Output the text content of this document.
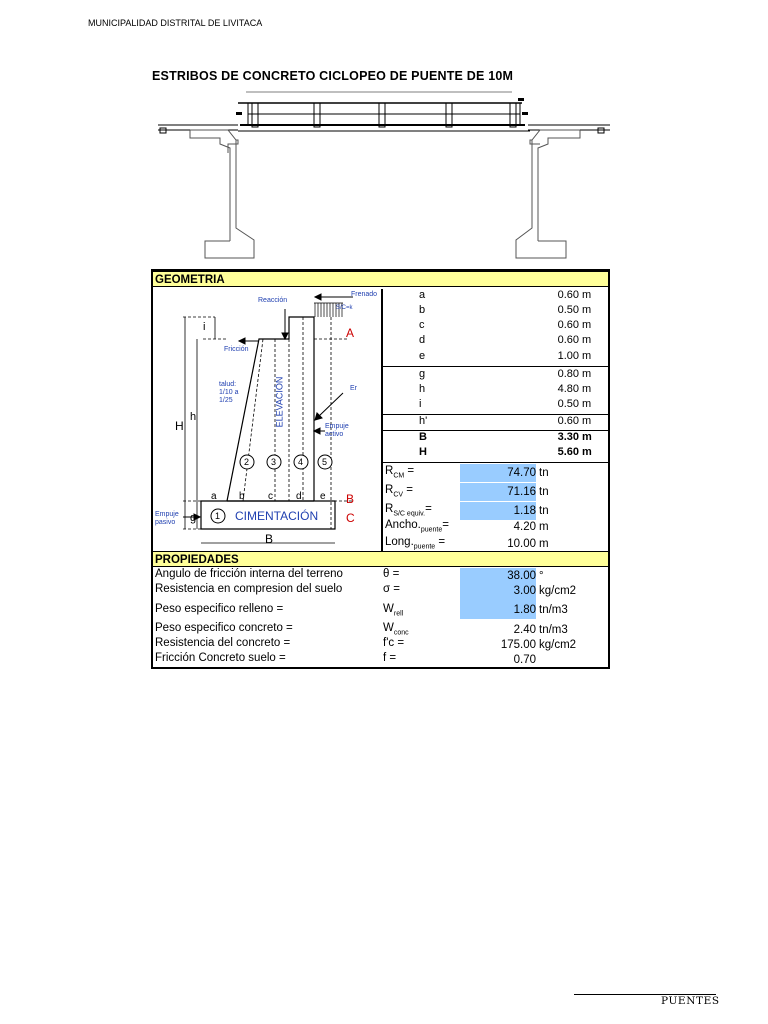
MUNICIPALIDAD DISTRITAL DE LIVITACA
ESTRIBOS DE CONCRETO CICLOPEO DE PUENTE DE 10M
GEOMETRIA
Frenado
S/C=k
Reacción
Fricción
talud:
1/10 a
1/25	ELEVACIÓN	Er
Empuje
activo
Empuje
pasivo	CIMENTACIÓN
A
B
C
H
h
i
g
B
a b c d e
1
2 3 4 5
a	0.60 m
b	0.50 m
c	0.60 m
d	0.60 m
e	1.00 m
g	0.80 m
h	4.80 m
i	0.50 m
h'	0.60 m
B	3.30 m
H	5.60 m
$R_{CM}$ =	74.70 tn
$R_{CV}$ =	71.16 tn
$R_{S/C equiv.}=$	1.18 tn
$Ancho._{puente}=$	4.20 m
$Long._{puente}$ =	10.00 m
PROPIEDADES
Angulo de fricción interna del terreno	θ =	38.00 °
Resistencia en compresion del suelo	σ =	3.00 kg/cm2
Peso especifico relleno =	$W_{rell}$	1.80 tn/m3
Peso especifico concreto =	$W_{conc}$	2.40 tn/m3
Resistencia del concreto =	f'c =	175.00 kg/cm2
Fricción Concreto suelo =	f =	0.70
PUENTES
